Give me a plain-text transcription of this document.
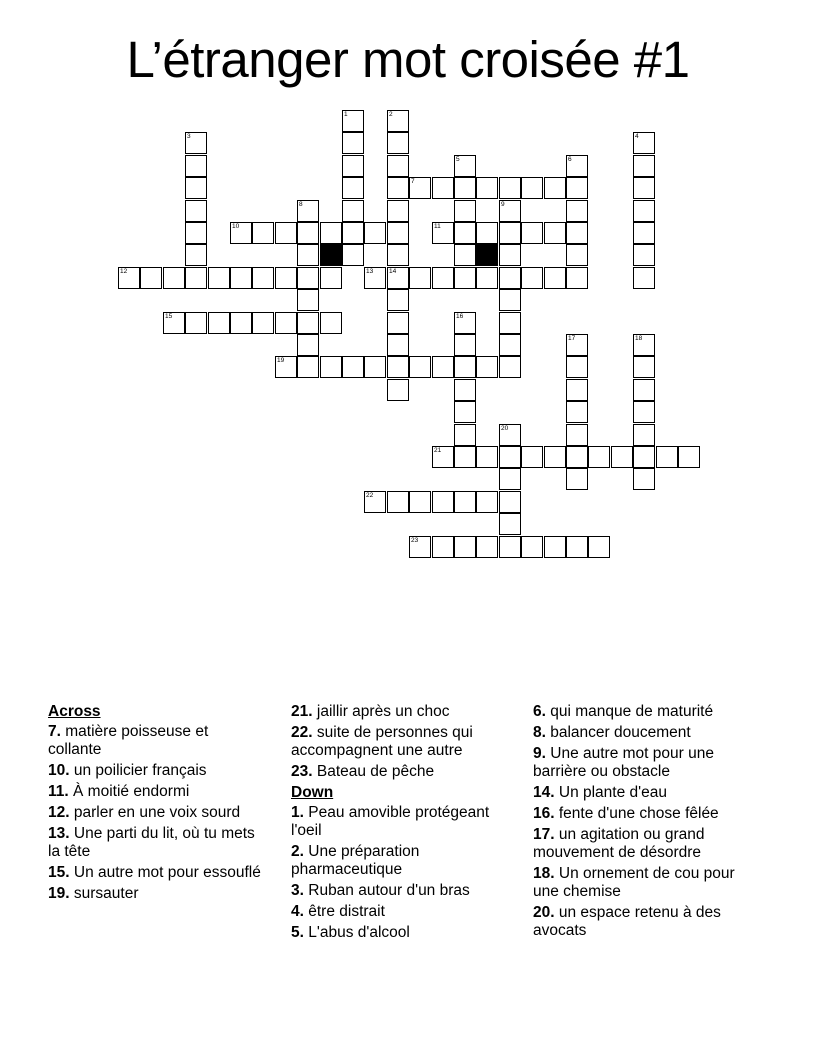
L’étranger mot croisée #1
7
10	11
12	13 14
15
19
21
22
23
1	2
3	4
5	6
8	9
16
17	18
20
Across
7. matière poisseuse et collante
10. un poilicier français
11. À moitié endormi
12. parler en une voix sourd
13. Une parti du lit, où tu mets la tête
15. Un autre mot pour essouflé
19. sursauter
21. jaillir après un choc
22. suite de personnes qui accompagnent une autre
23. Bateau de pêche
Down
1. Peau amovible protégeant l'oeil
2. Une préparation pharmaceutique
3. Ruban autour d'un bras
4. être distrait
5. L'abus d'alcool
6. qui manque de maturité
8. balancer doucement
9. Une autre mot pour une barrière ou obstacle
14. Un plante d'eau
16. fente d'une chose fêlée
17. un agitation ou grand mouvement de désordre
18. Un ornement de cou pour une chemise
20. un espace retenu à des avocats
